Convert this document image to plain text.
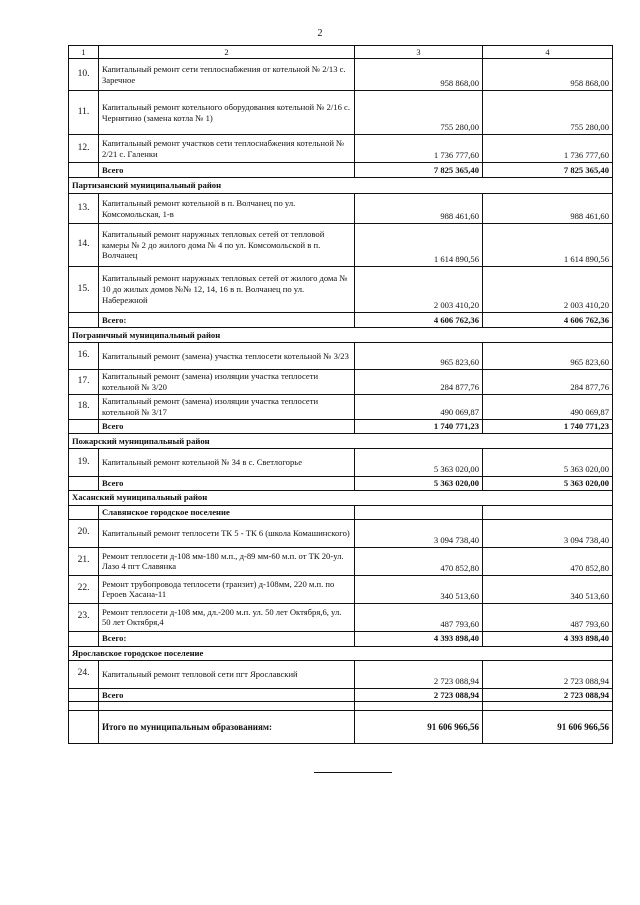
2
1	2	3	4
10.	Капитальный ремонт сети теплоснабжения от котельной № 2/13 с. Заречное	958 868,00	958 868,00
11.	Капитальный ремонт котельного оборудования котельной № 2/16 с. Чернятино (замена котла № 1)	755 280,00	755 280,00
12.	Капитальный ремонт участков сети теплоснабжения котельной № 2/21 с. Галенки	1 736 777,60	1 736 777,60
	Всего	7 825 365,40	7 825 365,40
Партизанский муниципальный район			
13.	Капитальный ремонт котельной в п. Волчанец по ул. Комсомольская, 1-в	988 461,60	988 461,60
14.	Капитальный ремонт наружных тепловых сетей от тепловой камеры № 2 до жилого дома № 4 по ул. Комсомольской в п. Волчанец	1 614 890,56	1 614 890,56
15.	Капитальный ремонт наружных тепловых сетей от жилого дома № 10 до жилых домов №№ 12, 14, 16 в п. Волчанец по ул. Набережной	2 003 410,20	2 003 410,20
	Всего:	4 606 762,36	4 606 762,36
Пограничный муниципальный район			
16.	Капитальный ремонт (замена) участка теплосети котельной № 3/23	965 823,60	965 823,60
17.	Капитальный ремонт (замена) изоляции участка теплосети котельной № 3/20	284 877,76	284 877,76
18.	Капитальный ремонт (замена) изоляции участка теплосети котельной № 3/17	490 069,87	490 069,87
	Всего	1 740 771,23	1 740 771,23
Пожарский муниципальный район			
19.	Капитальный ремонт котельной № 34 в с. Светлогорье	5 363 020,00	5 363 020,00
	Всего	5 363 020,00	5 363 020,00
Хасанский муниципальный район			
	Славянское городское поселение		
20.	Капитальный ремонт теплосети ТК 5 - ТК 6 (школа Комашинского)	3 094 738,40	3 094 738,40
21.	Ремонт теплосети д-108 мм-180 м.п., д-89 мм-60 м.п. от ТК 20-ул. Лазо 4 пгт Славянка	470 852,80	470 852,80
22.	Ремонт трубопровода теплосети (транзит) д-108мм, 220 м.п. по Героев Хасана-11	340 513,60	340 513,60
23.	Ремонт теплосети д-108 мм, дл.-200 м.п. ул. 50 лет Октября,6, ул. 50 лет Октября,4	487 793,60	487 793,60
	Всего:	4 393 898,40	4 393 898,40
Ярославское городское поселение			
24.	Капитальный ремонт тепловой сети пгт Ярославский	2 723 088,94	2 723 088,94
	Всего	2 723 088,94	2 723 088,94

	Итого по муниципальным образованиям:	91 606 966,56	91 606 966,56
